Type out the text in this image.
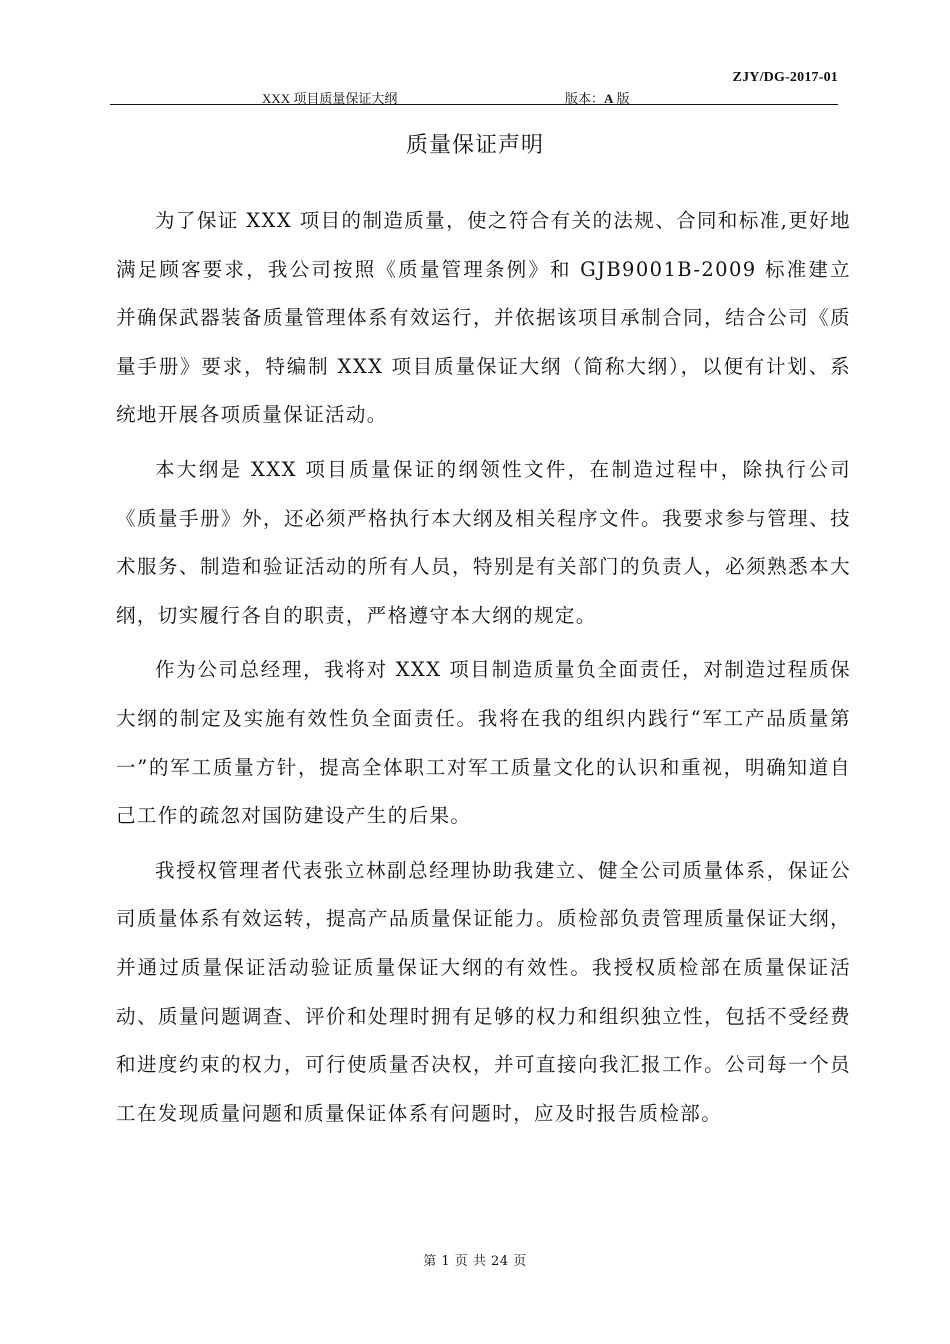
ZJY/DG-2017-01
XXX 项目质量保证大纲	版本：A 版
质量保证声明

为了保证 XXX 项目的制造质量，使之符合有关的法规、合同和标准,更好地满足顾客要求，我公司按照《质量管理条例》和 GJB9001B-2009 标准建立并确保武器装备质量管理体系有效运行，并依据该项目承制合同，结合公司《质量手册》要求，特编制 XXX 项目质量保证大纲（简称大纲），以便有计划、系统地开展各项质量保证活动。

本大纲是 XXX 项目质量保证的纲领性文件，在制造过程中，除执行公司《质量手册》外，还必须严格执行本大纲及相关程序文件。我要求参与管理、技术服务、制造和验证活动的所有人员，特别是有关部门的负责人，必须熟悉本大纲，切实履行各自的职责，严格遵守本大纲的规定。

作为公司总经理，我将对 XXX 项目制造质量负全面责任，对制造过程质保大纲的制定及实施有效性负全面责任。我将在我的组织内践行“军工产品质量第一”的军工质量方针，提高全体职工对军工质量文化的认识和重视，明确知道自己工作的疏忽对国防建设产生的后果。

我授权管理者代表张立林副总经理协助我建立、健全公司质量体系，保证公司质量体系有效运转，提高产品质量保证能力。质检部负责管理质量保证大纲，并通过质量保证活动验证质量保证大纲的有效性。我授权质检部在质量保证活动、质量问题调查、评价和处理时拥有足够的权力和组织独立性，包括不受经费和进度约束的权力，可行使质量否决权，并可直接向我汇报工作。公司每一个员工在发现质量问题和质量保证体系有问题时，应及时报告质检部。

第 1 页 共 24 页
